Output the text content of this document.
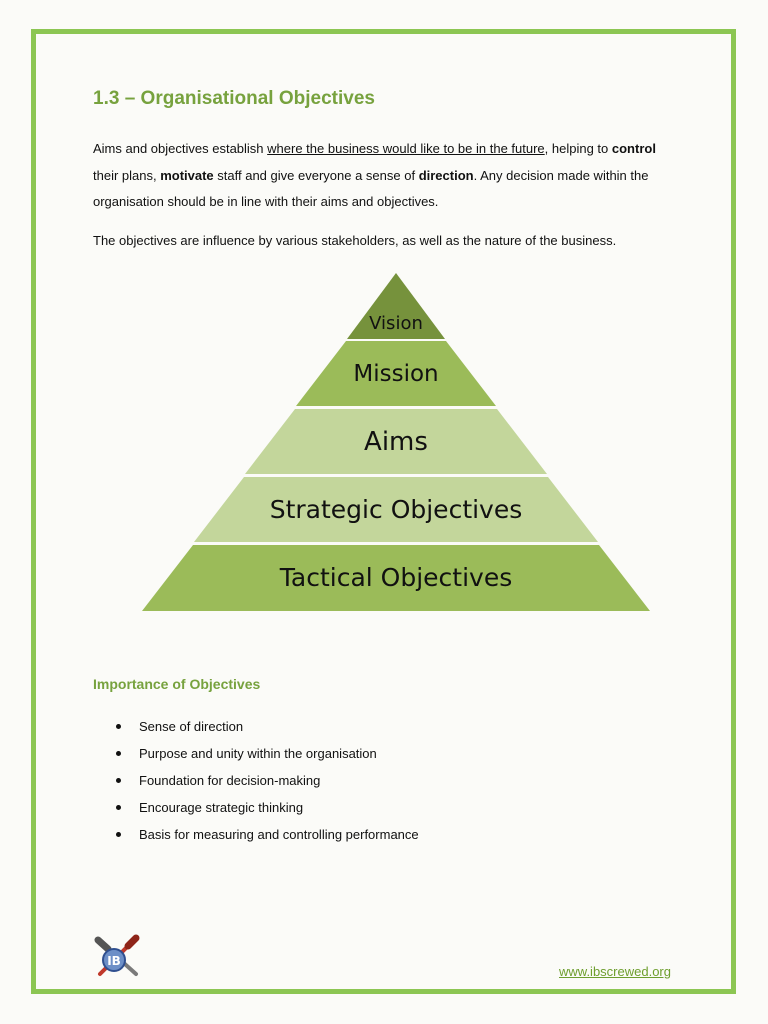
1.3 – Organisational Objectives

Aims and objectives establish where the business would like to be in the future, helping to control their plans, motivate staff and give everyone a sense of direction. Any decision made within the organisation should be in line with their aims and objectives.

The objectives are influence by various stakeholders, as well as the nature of the business.

Vision
Mission
Aims
Strategic Objectives
Tactical Objectives
Importance of Objectives
Sense of direction
Purpose and unity within the organisation
Foundation for decision-making
Encourage strategic thinking
Basis for measuring and controlling performance
IB
www.ibscrewed.org
